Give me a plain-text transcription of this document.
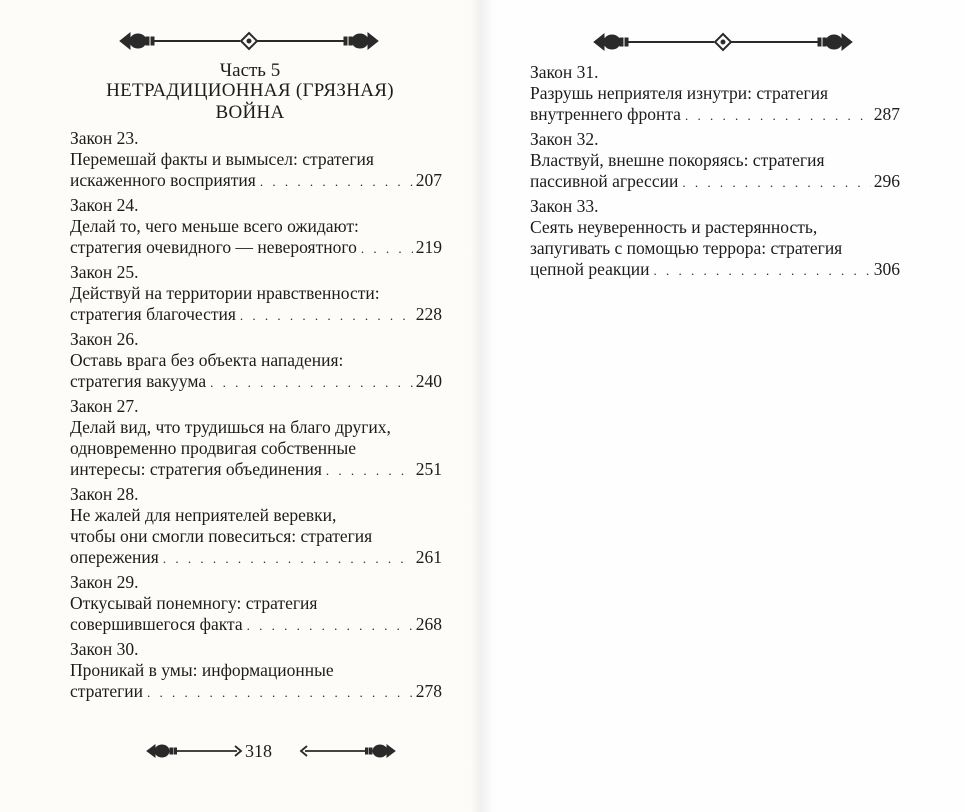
Часть 5
НЕТРАДИЦИОННАЯ (ГРЯЗНАЯ)
ВОЙНА
Закон 23.
Перемешай факты и вымысел: стратегия
искаженного восприятия . . .	207
Закон 24.
Делай то, чего меньше всего ожидают:
стратегия очевидного — невероятного . . .	219
Закон 25.
Действуй на территории нравственности:
стратегия благочестия . . .	228
Закон 26.
Оставь врага без объекта нападения:
стратегия вакуума . . .	240
Закон 27.
Делай вид, что трудишься на благо других,
одновременно продвигая собственные
интересы: стратегия объединения . . .	251
Закон 28.
Не жалей для неприятелей веревки,
чтобы они смогли повеситься: стратегия
опережения . . .	261
Закон 29.
Откусывай понемногу: стратегия
совершившегося факта . . .	268
Закон 30.
Проникай в умы: информационные
стратегии . . .	278
Закон 31.
Разрушь неприятеля изнутри: стратегия
внутреннего фронта . . .	287
Закон 32.
Властвуй, внешне покоряясь: стратегия
пассивной агрессии . . .	296
Закон 33.
Сеять неуверенность и растерянность,
запугивать с помощью террора: стратегия
цепной реакции . . .	306
318
